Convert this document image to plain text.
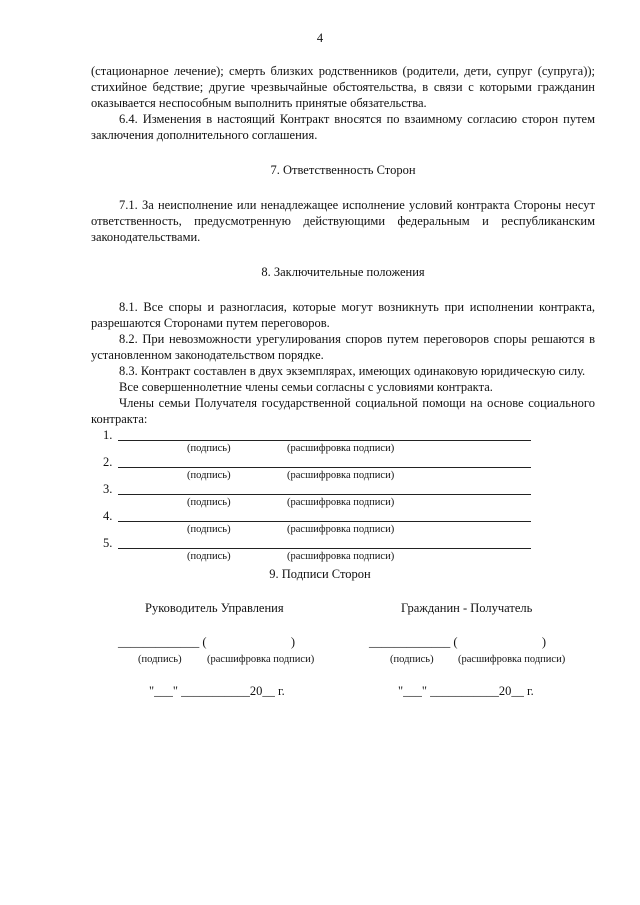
4

(стационарное лечение); смерть близких родственников (родители, дети, супруг (супруга)); стихийное бедствие; другие чрезвычайные обстоятельства, в связи с которыми гражданин оказывается неспособным выполнить принятые обязательства.

6.4. Изменения в настоящий Контракт вносятся по взаимному согласию сторон путем заключения дополнительного соглашения.

7. Ответственность Сторон

7.1. За неисполнение или ненадлежащее исполнение условий контракта Стороны несут ответственность, предусмотренную действующими федеральным и республиканским законодательствами.

8. Заключительные положения

8.1. Все споры и разногласия, которые могут возникнуть при исполнении контракта, разрешаются Сторонами путем переговоров.

8.2. При невозможности урегулирования споров путем переговоров споры решаются в установленном законодательством порядке.

8.3. Контракт составлен в двух экземплярах, имеющих одинаковую юридическую силу.

Все совершеннолетние члены семьи согласны с условиями контракта.

Члены семьи Получателя государственной социальной помощи на основе социального контракта:

1.
(подпись)	(расшифровка подписи)
2.
(подпись)	(расшифровка подписи)
3.
(подпись)	(расшифровка подписи)
4.
(подпись)	(расшифровка подписи)
5.
(подпись)	(расшифровка подписи)
9. Подписи Сторон
Руководитель Управления
_____________ (                           )
(подпись) (расшифровка подписи)
"___" ___________20__ г.
Гражданин - Получатель
_____________ (                           )
(подпись) (расшифровка подписи)
"___" ___________20__ г.
